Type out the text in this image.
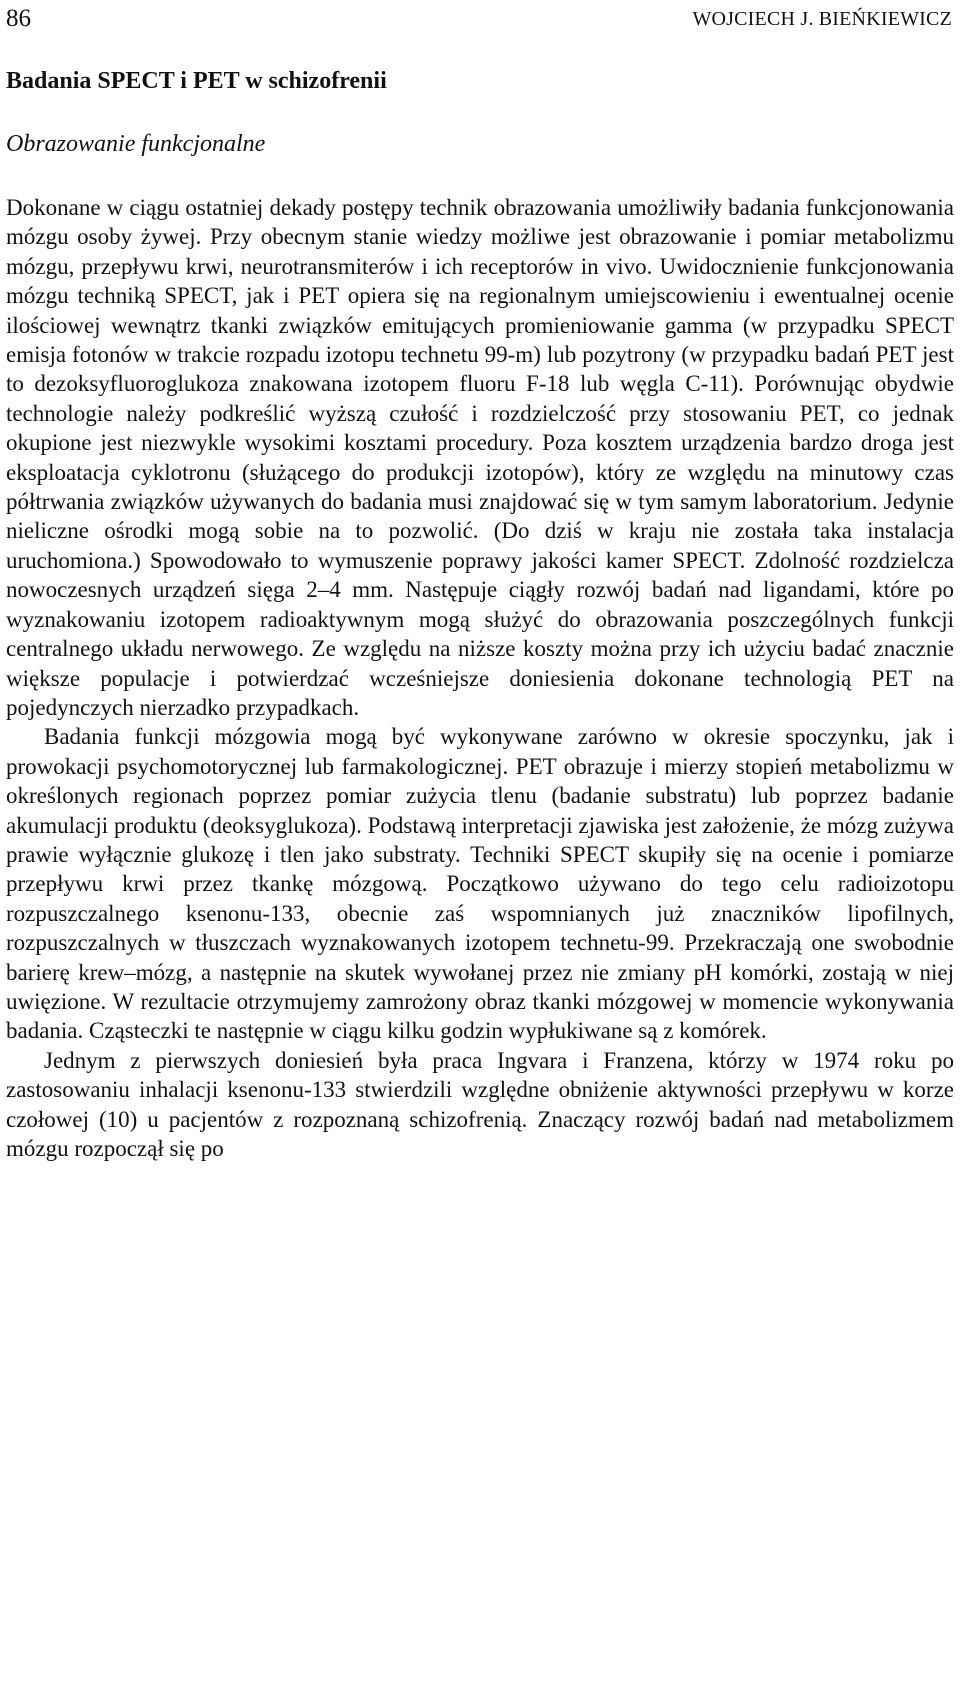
86	WOJCIECH J. BIEŃKIEWICZ
Badania SPECT i PET w schizofrenii
Obrazowanie funkcjonalne

Dokonane w ciągu ostatniej dekady postępy technik obrazowania umożliwiły badania funkcjonowania mózgu osoby żywej. Przy obecnym stanie wiedzy możliwe jest obrazowanie i pomiar metabolizmu mózgu, przepływu krwi, neurotransmiterów i ich receptorów in vivo. Uwidocznienie funkcjonowania mózgu techniką SPECT, jak i PET opiera się na regionalnym umiejscowieniu i ewentualnej ocenie ilościowej wewnątrz tkanki związków emitujących promieniowanie gamma (w przypadku SPECT emisja fotonów w trakcie rozpadu izotopu technetu 99-m) lub pozytrony (w przypadku badań PET jest to dezoksyfluoroglukoza znakowana izotopem fluoru F-18 lub węgla C-11). Porównując obydwie technologie należy podkreślić wyższą czułość i rozdzielczość przy stosowaniu PET, co jednak okupione jest niezwykle wysokimi kosztami procedury. Poza kosztem urządzenia bardzo droga jest eksploatacja cyklotronu (służącego do produkcji izotopów), który ze względu na minutowy czas półtrwania związków używanych do badania musi znajdować się w tym samym laboratorium. Jedynie nieliczne ośrodki mogą sobie na to pozwolić. (Do dziś w kraju nie została taka instalacja uruchomiona.) Spowodowało to wymuszenie poprawy jakości kamer SPECT. Zdolność rozdzielcza nowoczesnych urządzeń sięga 2–4 mm. Następuje ciągły rozwój badań nad ligandami, które po wyznakowaniu izotopem radioaktywnym mogą służyć do obrazowania poszczególnych funkcji centralnego układu nerwowego. Ze względu na niższe koszty można przy ich użyciu badać znacznie większe populacje i potwierdzać wcześniejsze doniesienia dokonane technologią PET na pojedynczych nierzadko przypadkach.

Badania funkcji mózgowia mogą być wykonywane zarówno w okresie spoczynku, jak i prowokacji psychomotorycznej lub farmakologicznej. PET obrazuje i mierzy stopień metabolizmu w określonych regionach poprzez pomiar zużycia tlenu (badanie substratu) lub poprzez badanie akumulacji produktu (deoksyglukoza). Podstawą interpretacji zjawiska jest założenie, że mózg zużywa prawie wyłącznie glukozę i tlen jako substraty. Techniki SPECT skupiły się na ocenie i pomiarze przepływu krwi przez tkankę mózgową. Początkowo używano do tego celu radioizotopu rozpuszczalnego ksenonu-133, obecnie zaś wspomnianych już znaczników lipofilnych, rozpuszczalnych w tłuszczach wyznakowanych izotopem technetu-99. Przekraczają one swobodnie barierę krew–mózg, a następnie na skutek wywołanej przez nie zmiany pH komórki, zostają w niej uwięzione. W rezultacie otrzymujemy zamrożony obraz tkanki mózgowej w momencie wykonywania badania. Cząsteczki te następnie w ciągu kilku godzin wypłukiwane są z komórek.

Jednym z pierwszych doniesień była praca Ingvara i Franzena, którzy w 1974 roku po zastosowaniu inhalacji ksenonu-133 stwierdzili względne obniżenie aktywności przepływu w korze czołowej (10) u pacjentów z rozpoznaną schizofrenią. Znaczący rozwój badań nad metabolizmem mózgu rozpoczął się po
